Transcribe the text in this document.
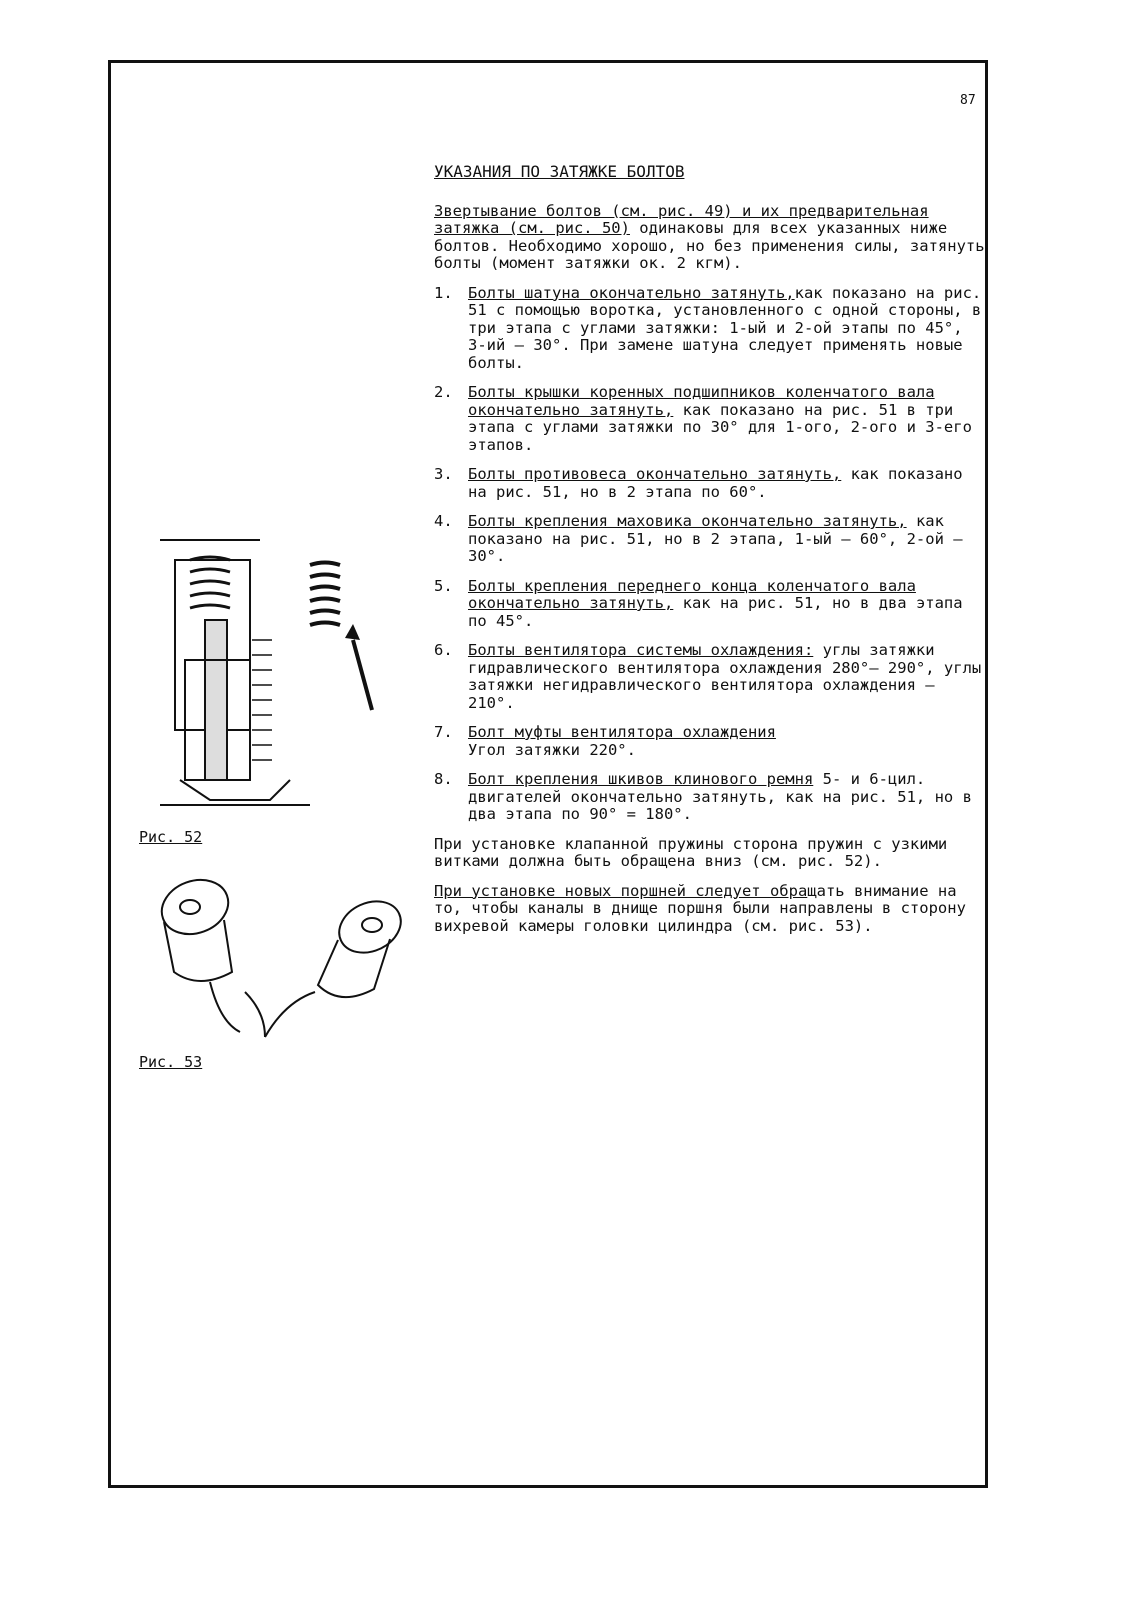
87
Рис. 52
Рис. 53
УКАЗАНИЯ ПО ЗАТЯЖКЕ БОЛТОВ

Звертывание болтов (см. рис. 49) и их предварительная затяжка (см. рис. 50) одинаковы для всех указанных ниже болтов. Необходимо хорошо, но без применения силы, затянуть болты (момент затяжки ок. 2 кгм).

1. Болты шатуна окончательно затянуть,как показано на рис. 51 с помощью воротка, установленного с одной стороны, в три этапа с углами затяжки: 1-ый и 2-ой этапы по 45°, 3-ий – 30°. При замене шатуна следует применять новые болты.
2. Болты крышки коренных подшипников коленчатого вала окончательно затянуть, как показано на рис. 51 в три этапа с углами затяжки по 30° для 1-ого, 2-ого и 3-его этапов.
3. Болты противовеса окончательно затянуть, как показано на рис. 51, но в 2 этапа по 60°.
4. Болты крепления маховика окончательно затянуть, как показано на рис. 51, но в 2 этапа, 1-ый – 60°, 2-ой – 30°.
5. Болты крепления переднего конца коленчатого вала окончательно затянуть, как на рис. 51, но в два этапа по 45°.
6. Болты вентилятора системы охлаждения: углы затяжки гидравлического вентилятора охлаждения 280°– 290°, углы затяжки негидравлического вентилятора охлаждения – 210°.
7. Болт муфты вентилятора охлаждения
Угол затяжки 220°.
8. Болт крепления шкивов клинового ремня 5- и 6-цил. двигателей окончательно затянуть, как на рис. 51, но в два этапа по 90° = 180°.

При установке клапанной пружины сторона пружин с узкими витками должна быть обращена вниз (см. рис. 52).

При установке новых поршней следует обращать внимание на то, чтобы каналы в днище поршня были направлены в сторону вихревой камеры головки цилиндра (см. рис. 53).
